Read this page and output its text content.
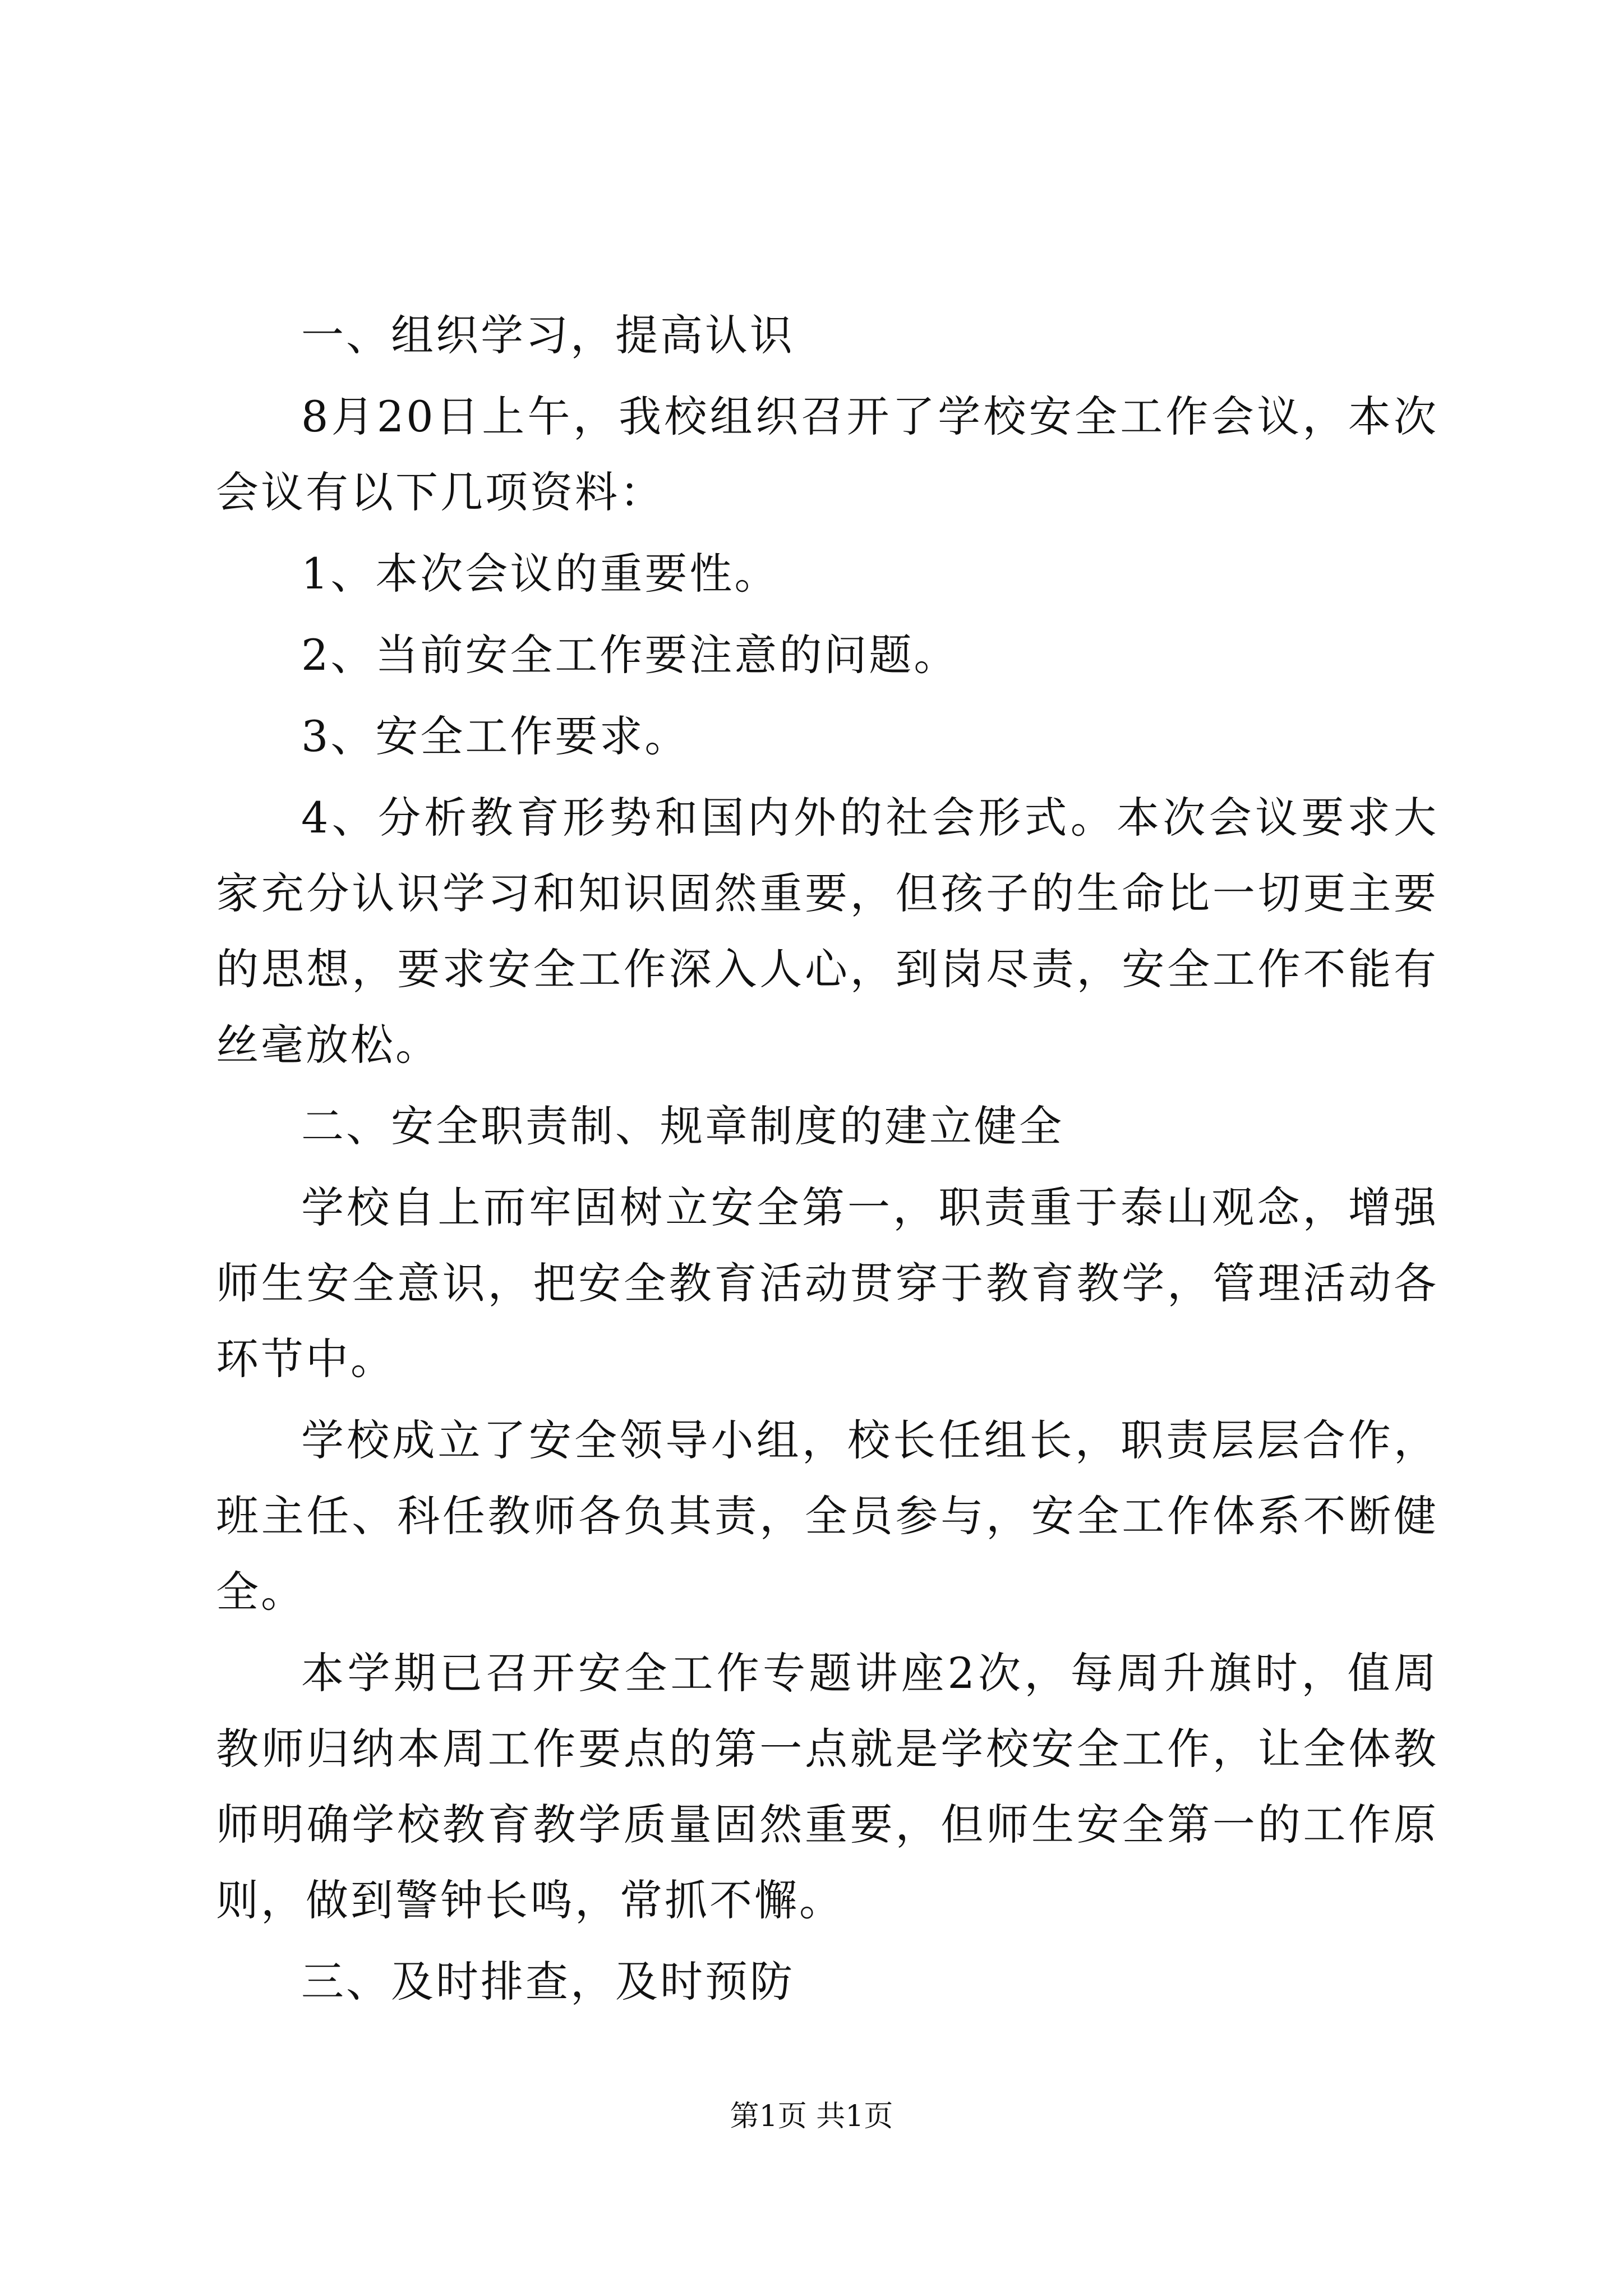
一、组织学习，提高认识

8月20日上午，我校组织召开了学校安全工作会议，本次会议有以下几项资料：

1、本次会议的重要性。

2、当前安全工作要注意的问题。

3、安全工作要求。

4、分析教育形势和国内外的社会形式。本次会议要求大家充分认识学习和知识固然重要，但孩子的生命比一切更主要的思想，要求安全工作深入人心，到岗尽责，安全工作不能有丝毫放松。

二、安全职责制、规章制度的建立健全

学校自上而牢固树立安全第一，职责重于泰山观念，增强师生安全意识，把安全教育活动贯穿于教育教学，管理活动各环节中。

学校成立了安全领导小组，校长任组长，职责层层合作，班主任、科任教师各负其责，全员参与，安全工作体系不断健全。

本学期已召开安全工作专题讲座2次，每周升旗时，值周教师归纳本周工作要点的第一点就是学校安全工作，让全体教师明确学校教育教学质量固然重要，但师生安全第一的工作原则，做到警钟长鸣，常抓不懈。

三、及时排查，及时预防

第1页 共1页
